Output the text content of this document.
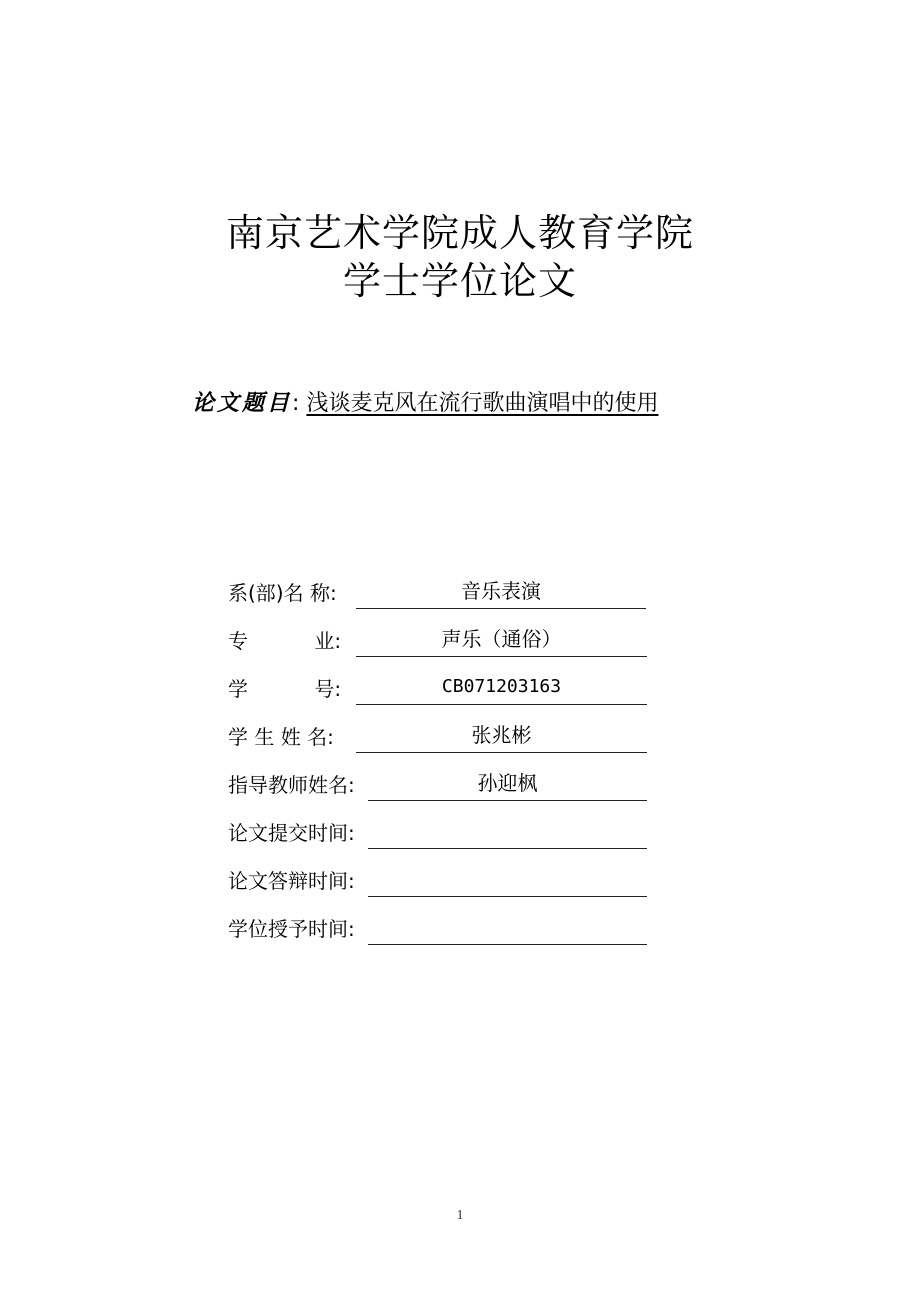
南京艺术学院成人教育学院
学士学位论文
论文题目: 浅谈麦克风在流行歌曲演唱中的使用
系(部)名 称:	音乐表演
专　　　 业:	声乐（通俗）
学　　　 号:	CB071203163
学 生 姓 名:	张兆彬
指导教师姓名:	孙迎枫
论文提交时间:
论文答辩时间:
学位授予时间:
1
